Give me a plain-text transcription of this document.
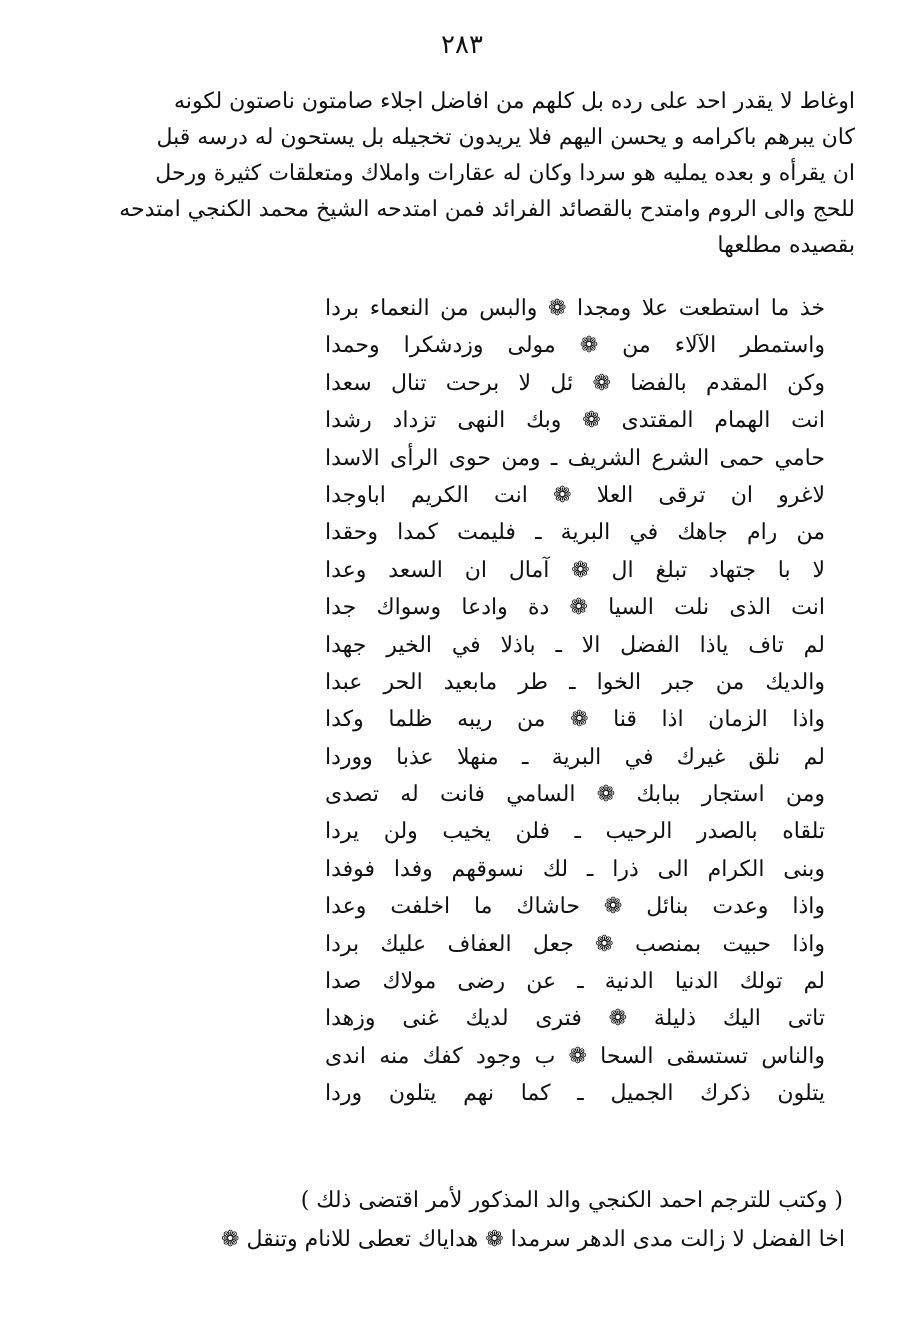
٢٨٣
اوغاط لا يقدر احد على رده بل كلهم من افاضل اجلاء صامتون ناصتون لكونه
كان يبرهم باكرامه و يحسن اليهم فلا يريدون تخجيله بل يستحون له درسه قبل
ان يقرأه و بعده يمليه هو سردا وكان له عقارات واملاك ومتعلقات كثيرة ورحل
للحج والى الروم وامتدح بالقصائد الفرائد فمن امتدحه الشيخ محمد الكنجي امتدحه
بقصيده مطلعها
خذ ما استطعت علا ومجدا ❁ والبس من النعماء بردا
واستمطر الآلاء من ❁ مولى وزدشكرا وحمدا
وكن المقدم بالفضا ❁ ئل لا برحت تنال سعدا
انت الهمام المقتدى ❁ وبك النهى تزداد رشدا
حامي حمى الشرع الشريف ـ ومن حوى الرأى الاسدا
لاغرو ان ترقى العلا ❁ انت الكريم اباوجدا
من رام جاهك في البرية ـ فليمت كمدا وحقدا
لا با جتهاد تبلغ ال ❁ آمال ان السعد وعدا
انت الذى نلت السيا ❁ دة وادعا وسواك جدا
لم تاف ياذا الفضل الا ـ باذلا في الخير جهدا
والديك من جبر الخوا ـ طر مابعيد الحر عبدا
واذا الزمان اذا قنا ❁ من ريبه ظلما وكدا
لم نلق غيرك في البرية ـ منهلا عذبا ووردا
ومن استجار ببابك ❁ السامي فانت له تصدى
تلقاه بالصدر الرحيب ـ فلن يخيب ولن يردا
وبنى الكرام الى ذرا ـ لك نسوقهم وفدا فوفدا
واذا وعدت بنائل ❁ حاشاك ما اخلفت وعدا
واذا حبيت بمنصب ❁ جعل العفاف عليك بردا
لم تولك الدنيا الدنية ـ عن رضى مولاك صدا
تاتى اليك ذليلة ❁ فترى لديك غنى وزهدا
والناس تستسقى السحا ❁ ب وجود كفك منه اندى
يتلون ذكرك الجميل ـ كما نهم يتلون وردا
( وكتب للترجم احمد الكنجي والد المذكور لأمر اقتضى ذلك )
اخا الفضل لا زالت مدى الدهر سرمدا ❁ هداياك تعطى للانام وتنقل ❁
